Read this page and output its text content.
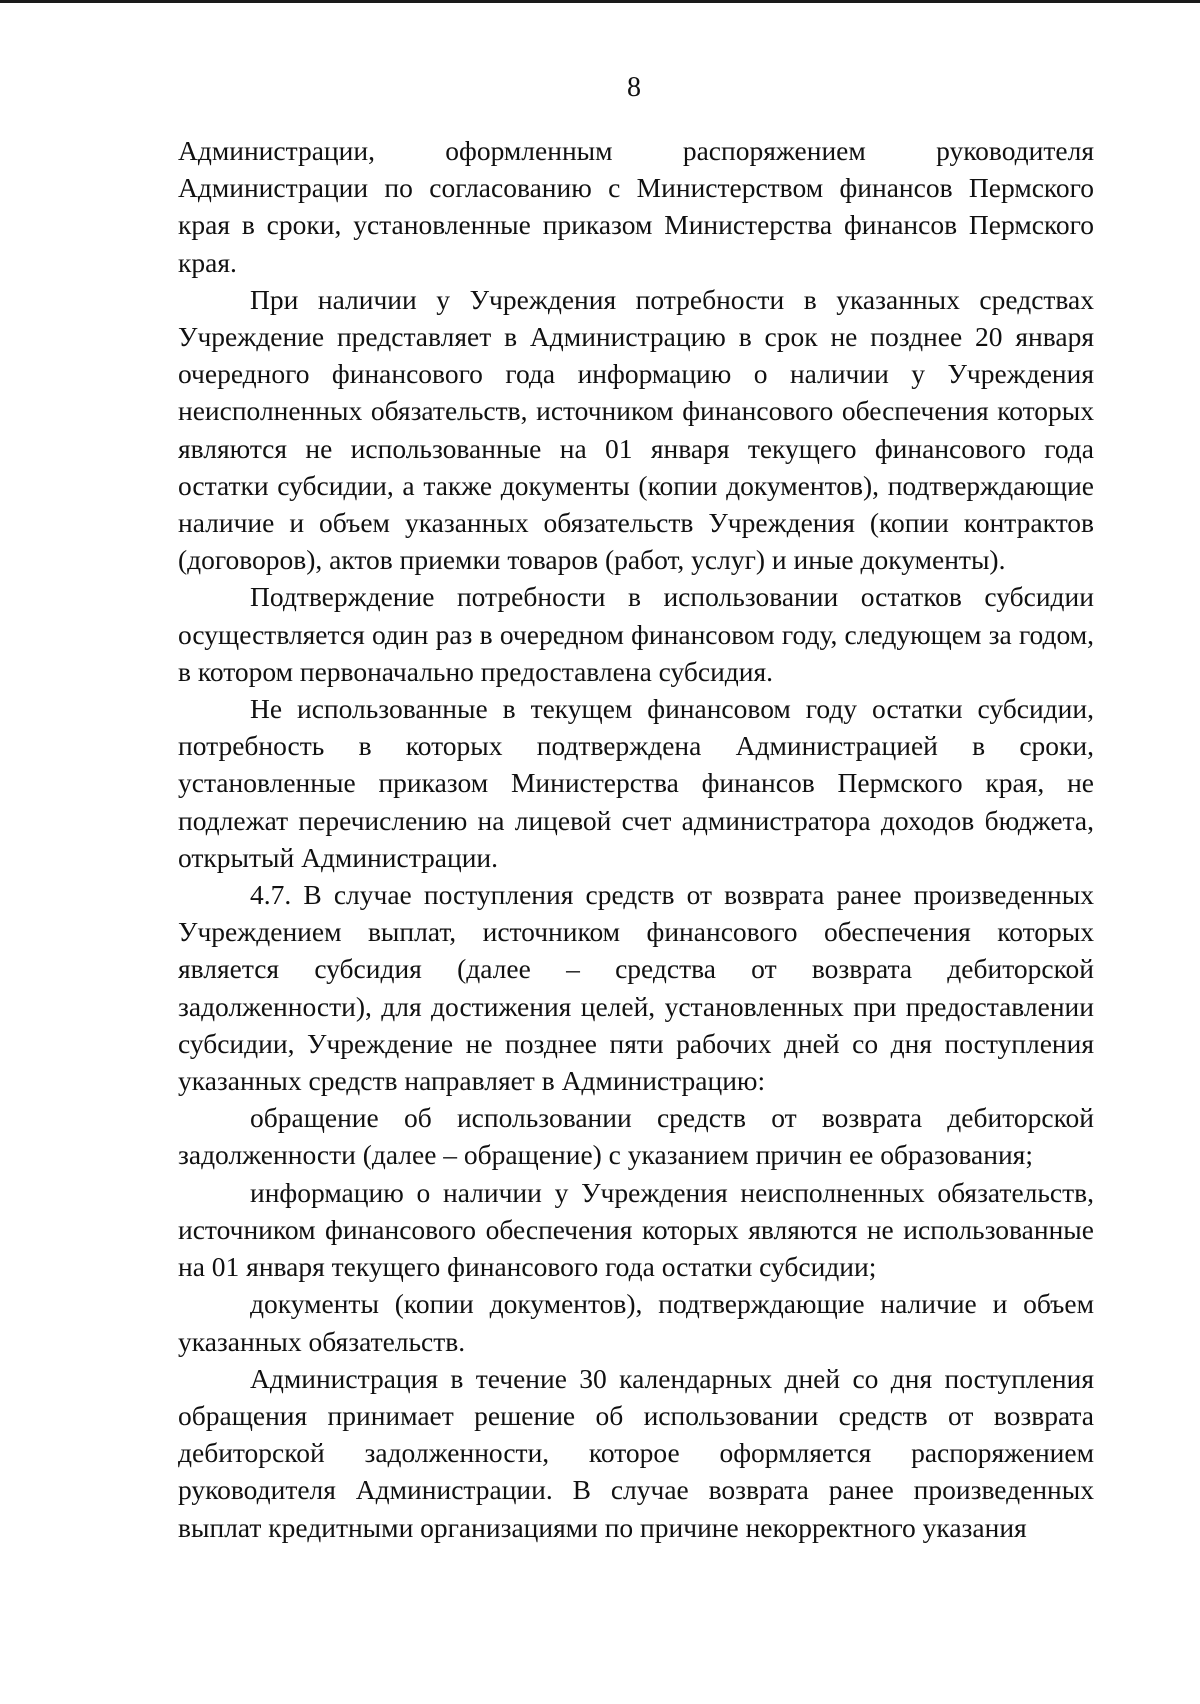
8

Администрации, оформленным распоряжением руководителя Администрации по согласованию с Министерством финансов Пермского края в сроки, установленные приказом Министерства финансов Пермского края.

При наличии у Учреждения потребности в указанных средствах Учреждение представляет в Администрацию в срок не позднее 20 января очередного финансового года информацию о наличии у Учреждения неисполненных обязательств, источником финансового обеспечения которых являются не использованные на 01 января текущего финансового года остатки субсидии, а также документы (копии документов), подтверждающие наличие и объем указанных обязательств Учреждения (копии контрактов (договоров), актов приемки товаров (работ, услуг) и иные документы).

Подтверждение потребности в использовании остатков субсидии осуществляется один раз в очередном финансовом году, следующем за годом, в котором первоначально предоставлена субсидия.

Не использованные в текущем финансовом году остатки субсидии, потребность в которых подтверждена Администрацией в сроки, установленные приказом Министерства финансов Пермского края, не подлежат перечислению на лицевой счет администратора доходов бюджета, открытый Администрации.

4.7. В случае поступления средств от возврата ранее произведенных Учреждением выплат, источником финансового обеспечения которых является субсидия (далее – средства от возврата дебиторской задолженности), для достижения целей, установленных при предоставлении субсидии, Учреждение не позднее пяти рабочих дней со дня поступления указанных средств направляет в Администрацию:

обращение об использовании средств от возврата дебиторской задолженности (далее – обращение) с указанием причин ее образования;

информацию о наличии у Учреждения неисполненных обязательств, источником финансового обеспечения которых являются не использованные на 01 января текущего финансового года остатки субсидии;

документы (копии документов), подтверждающие наличие и объем указанных обязательств.

Администрация в течение 30 календарных дней со дня поступления обращения принимает решение об использовании средств от возврата дебиторской задолженности, которое оформляется распоряжением руководителя Администрации. В случае возврата ранее произведенных выплат кредитными организациями по причине некорректного указания
